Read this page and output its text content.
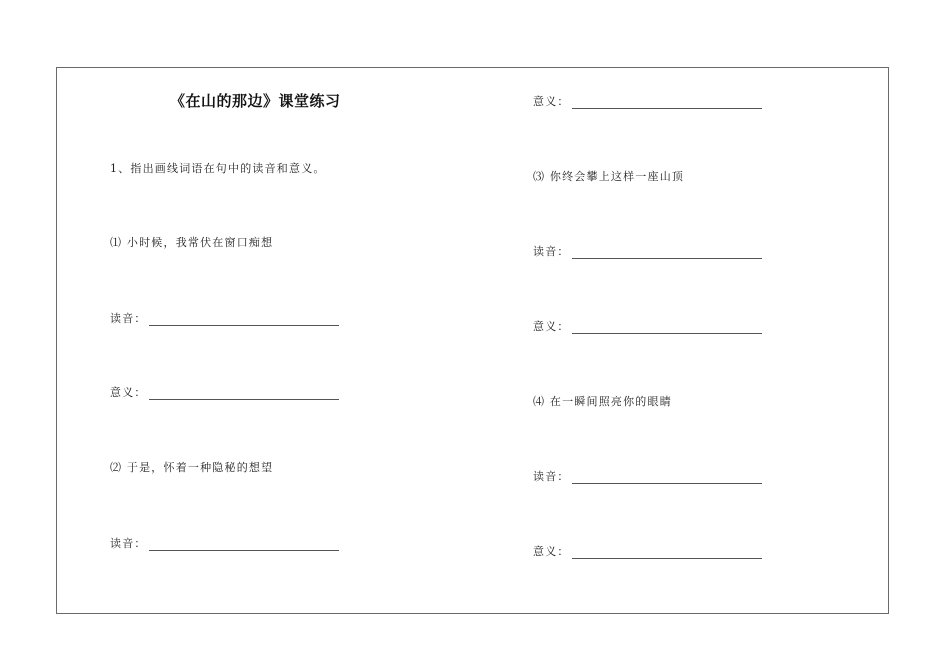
《在山的那边》课堂练习
1、指出画线词语在句中的读音和意义。
⑴ 小时候，我常伏在窗口痴想
读音：
意义：
⑵ 于是，怀着一种隐秘的想望
读音：
意义：
⑶ 你终会攀上这样一座山顶
读音：
意义：
⑷ 在一瞬间照亮你的眼睛
读音：
意义：
